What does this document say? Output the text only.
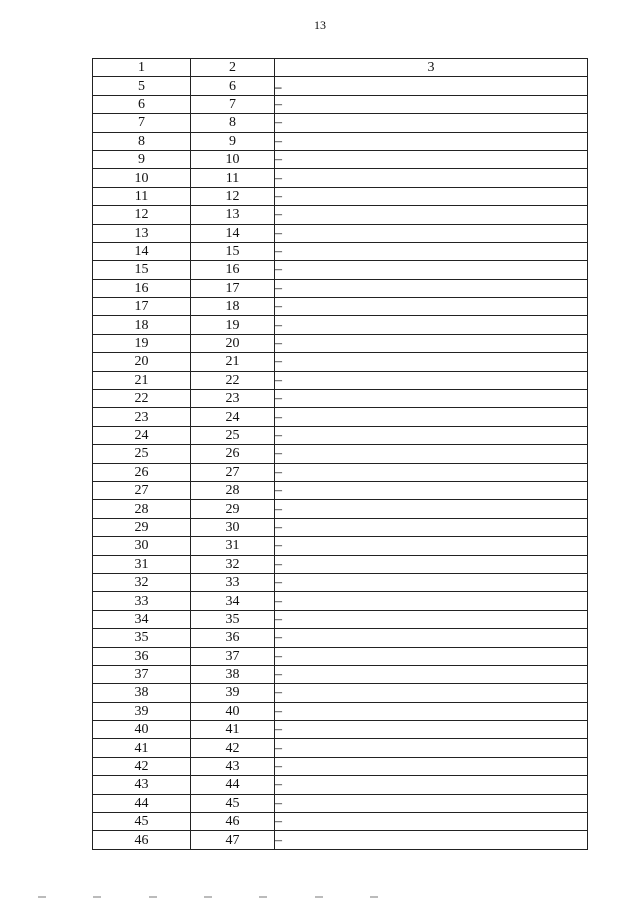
13
1	2	3
5	6	–
6	7	–
7	8	–
8	9	–
9	10	–
10	11	–
11	12	–
12	13	–
13	14	–
14	15	–
15	16	–
16	17	–
17	18	–
18	19	–
19	20	–
20	21	–
21	22	–
22	23	–
23	24	–
24	25	–
25	26	–
26	27	–
27	28	–
28	29	–
29	30	–
30	31	–
31	32	–
32	33	–
33	34	–
34	35	–
35	36	–
36	37	–
37	38	–
38	39	–
39	40	–
40	41	–
41	42	–
42	43	–
43	44	–
44	45	–
45	46	–
46	47	–
